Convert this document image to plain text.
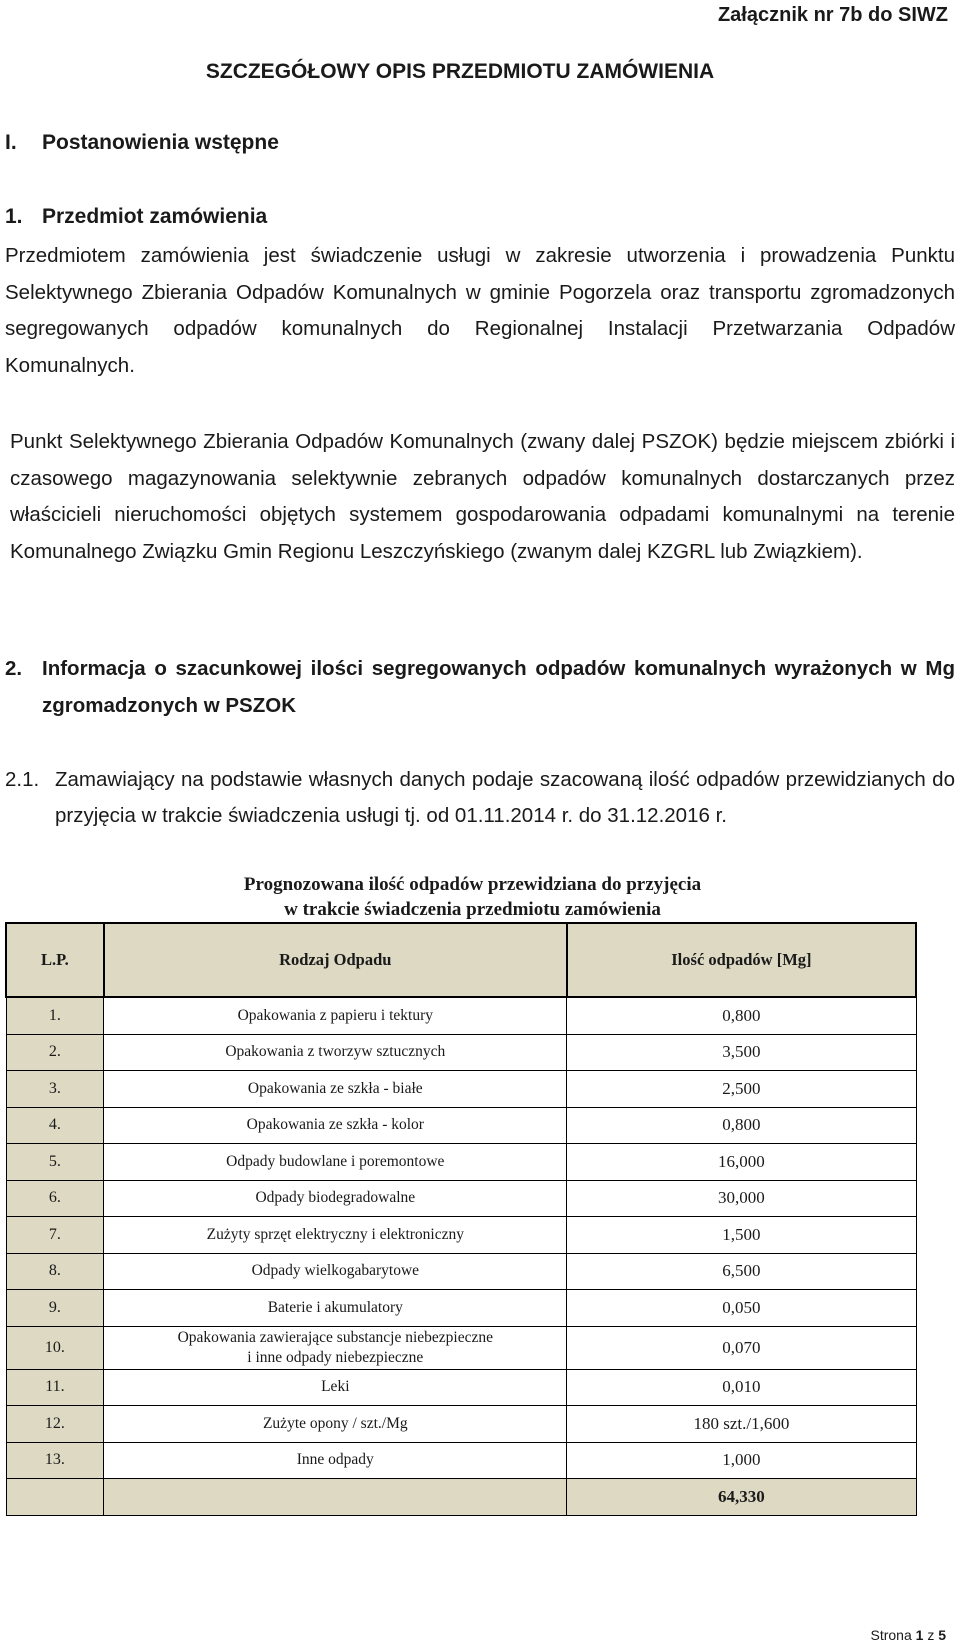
Załącznik nr 7b do SIWZ
SZCZEGÓŁOWY OPIS PRZEDMIOTU ZAMÓWIENIA
I. Postanowienia wstępne
1. Przedmiot zamówienia
Przedmiotem zamówienia jest świadczenie usługi w zakresie utworzenia i prowadzenia Punktu Selektywnego Zbierania Odpadów Komunalnych w gminie Pogorzela oraz transportu zgromadzonych segregowanych odpadów komunalnych do Regionalnej Instalacji Przetwarzania Odpadów Komunalnych.
Punkt Selektywnego Zbierania Odpadów Komunalnych (zwany dalej PSZOK) będzie miejscem zbiórki i czasowego magazynowania selektywnie zebranych odpadów komunalnych dostarczanych przez właścicieli nieruchomości objętych systemem gospodarowania odpadami komunalnymi na terenie Komunalnego Związku Gmin Regionu Leszczyńskiego (zwanym dalej KZGRL lub Związkiem).
2. Informacja o szacunkowej ilości segregowanych odpadów komunalnych wyrażonych w Mg zgromadzonych w PSZOK
2.1. Zamawiający na podstawie własnych danych podaje szacowaną ilość odpadów przewidzianych do przyjęcia w trakcie świadczenia usługi tj. od 01.11.2014 r. do 31.12.2016 r.
Prognozowana ilość odpadów przewidziana do przyjęcia
w trakcie świadczenia przedmiotu zamówienia
L.P.	Rodzaj Odpadu	Ilość odpadów [Mg]
1.	Opakowania z papieru i tektury	0,800
2.	Opakowania z tworzyw sztucznych	3,500
3.	Opakowania ze szkła - białe	2,500
4.	Opakowania ze szkła - kolor	0,800
5.	Odpady budowlane i poremontowe	16,000
6.	Odpady biodegradowalne	30,000
7.	Zużyty sprzęt elektryczny i elektroniczny	1,500
8.	Odpady wielkogabarytowe	6,500
9.	Baterie i akumulatory	0,050
10.	Opakowania zawierające substancje niebezpieczne
i inne odpady niebezpieczne	0,070
11.	Leki	0,010
12.	Zużyte opony / szt./Mg	180 szt./1,600
13.	Inne odpady	1,000
		64,330
Strona 1 z 5
